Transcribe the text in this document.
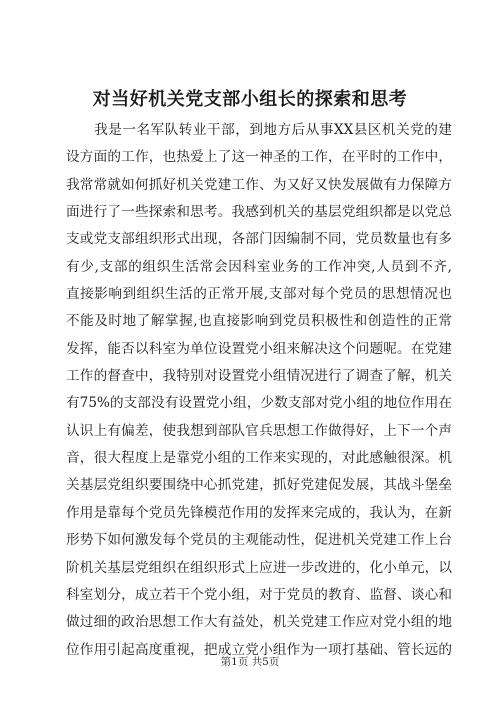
对当好机关党支部小组长的探索和思考
　　我是一名军队转业干部，到地方后从事XX县区机关党的建
设方面的工作，也热爱上了这一神圣的工作，在平时的工作中，
我常常就如何抓好机关党建工作、为又好又快发展做有力保障方
面进行了一些探索和思考。我感到机关的基层党组织都是以党总
支或党支部组织形式出现，各部门因编制不同，党员数量也有多
有少,支部的组织生活常会因科室业务的工作冲突,人员到不齐,
直接影响到组织生活的正常开展,支部对每个党员的思想情况也
不能及时地了解掌握,也直接影响到党员积极性和创造性的正常
发挥，能否以科室为单位设置党小组来解决这个问题呢。在党建
工作的督查中，我特别对设置党小组情况进行了调查了解，机关
有75%的支部没有设置党小组，少数支部对党小组的地位作用在
认识上有偏差，使我想到部队官兵思想工作做得好，上下一个声
音，很大程度上是靠党小组的工作来实现的，对此感触很深。机
关基层党组织要围绕中心抓党建，抓好党建促发展，其战斗堡垒
作用是靠每个党员先锋模范作用的发挥来完成的，我认为，在新
形势下如何激发每个党员的主观能动性，促进机关党建工作上台
阶机关基层党组织在组织形式上应进一步改进的，化小单元，以
科室划分，成立若干个党小组，对于党员的教育、监督、谈心和
做过细的政治思想工作大有益处，机关党建工作应对党小组的地
位作用引起高度重视，把成立党小组作为一项打基础、管长远的
第1页 共5页
